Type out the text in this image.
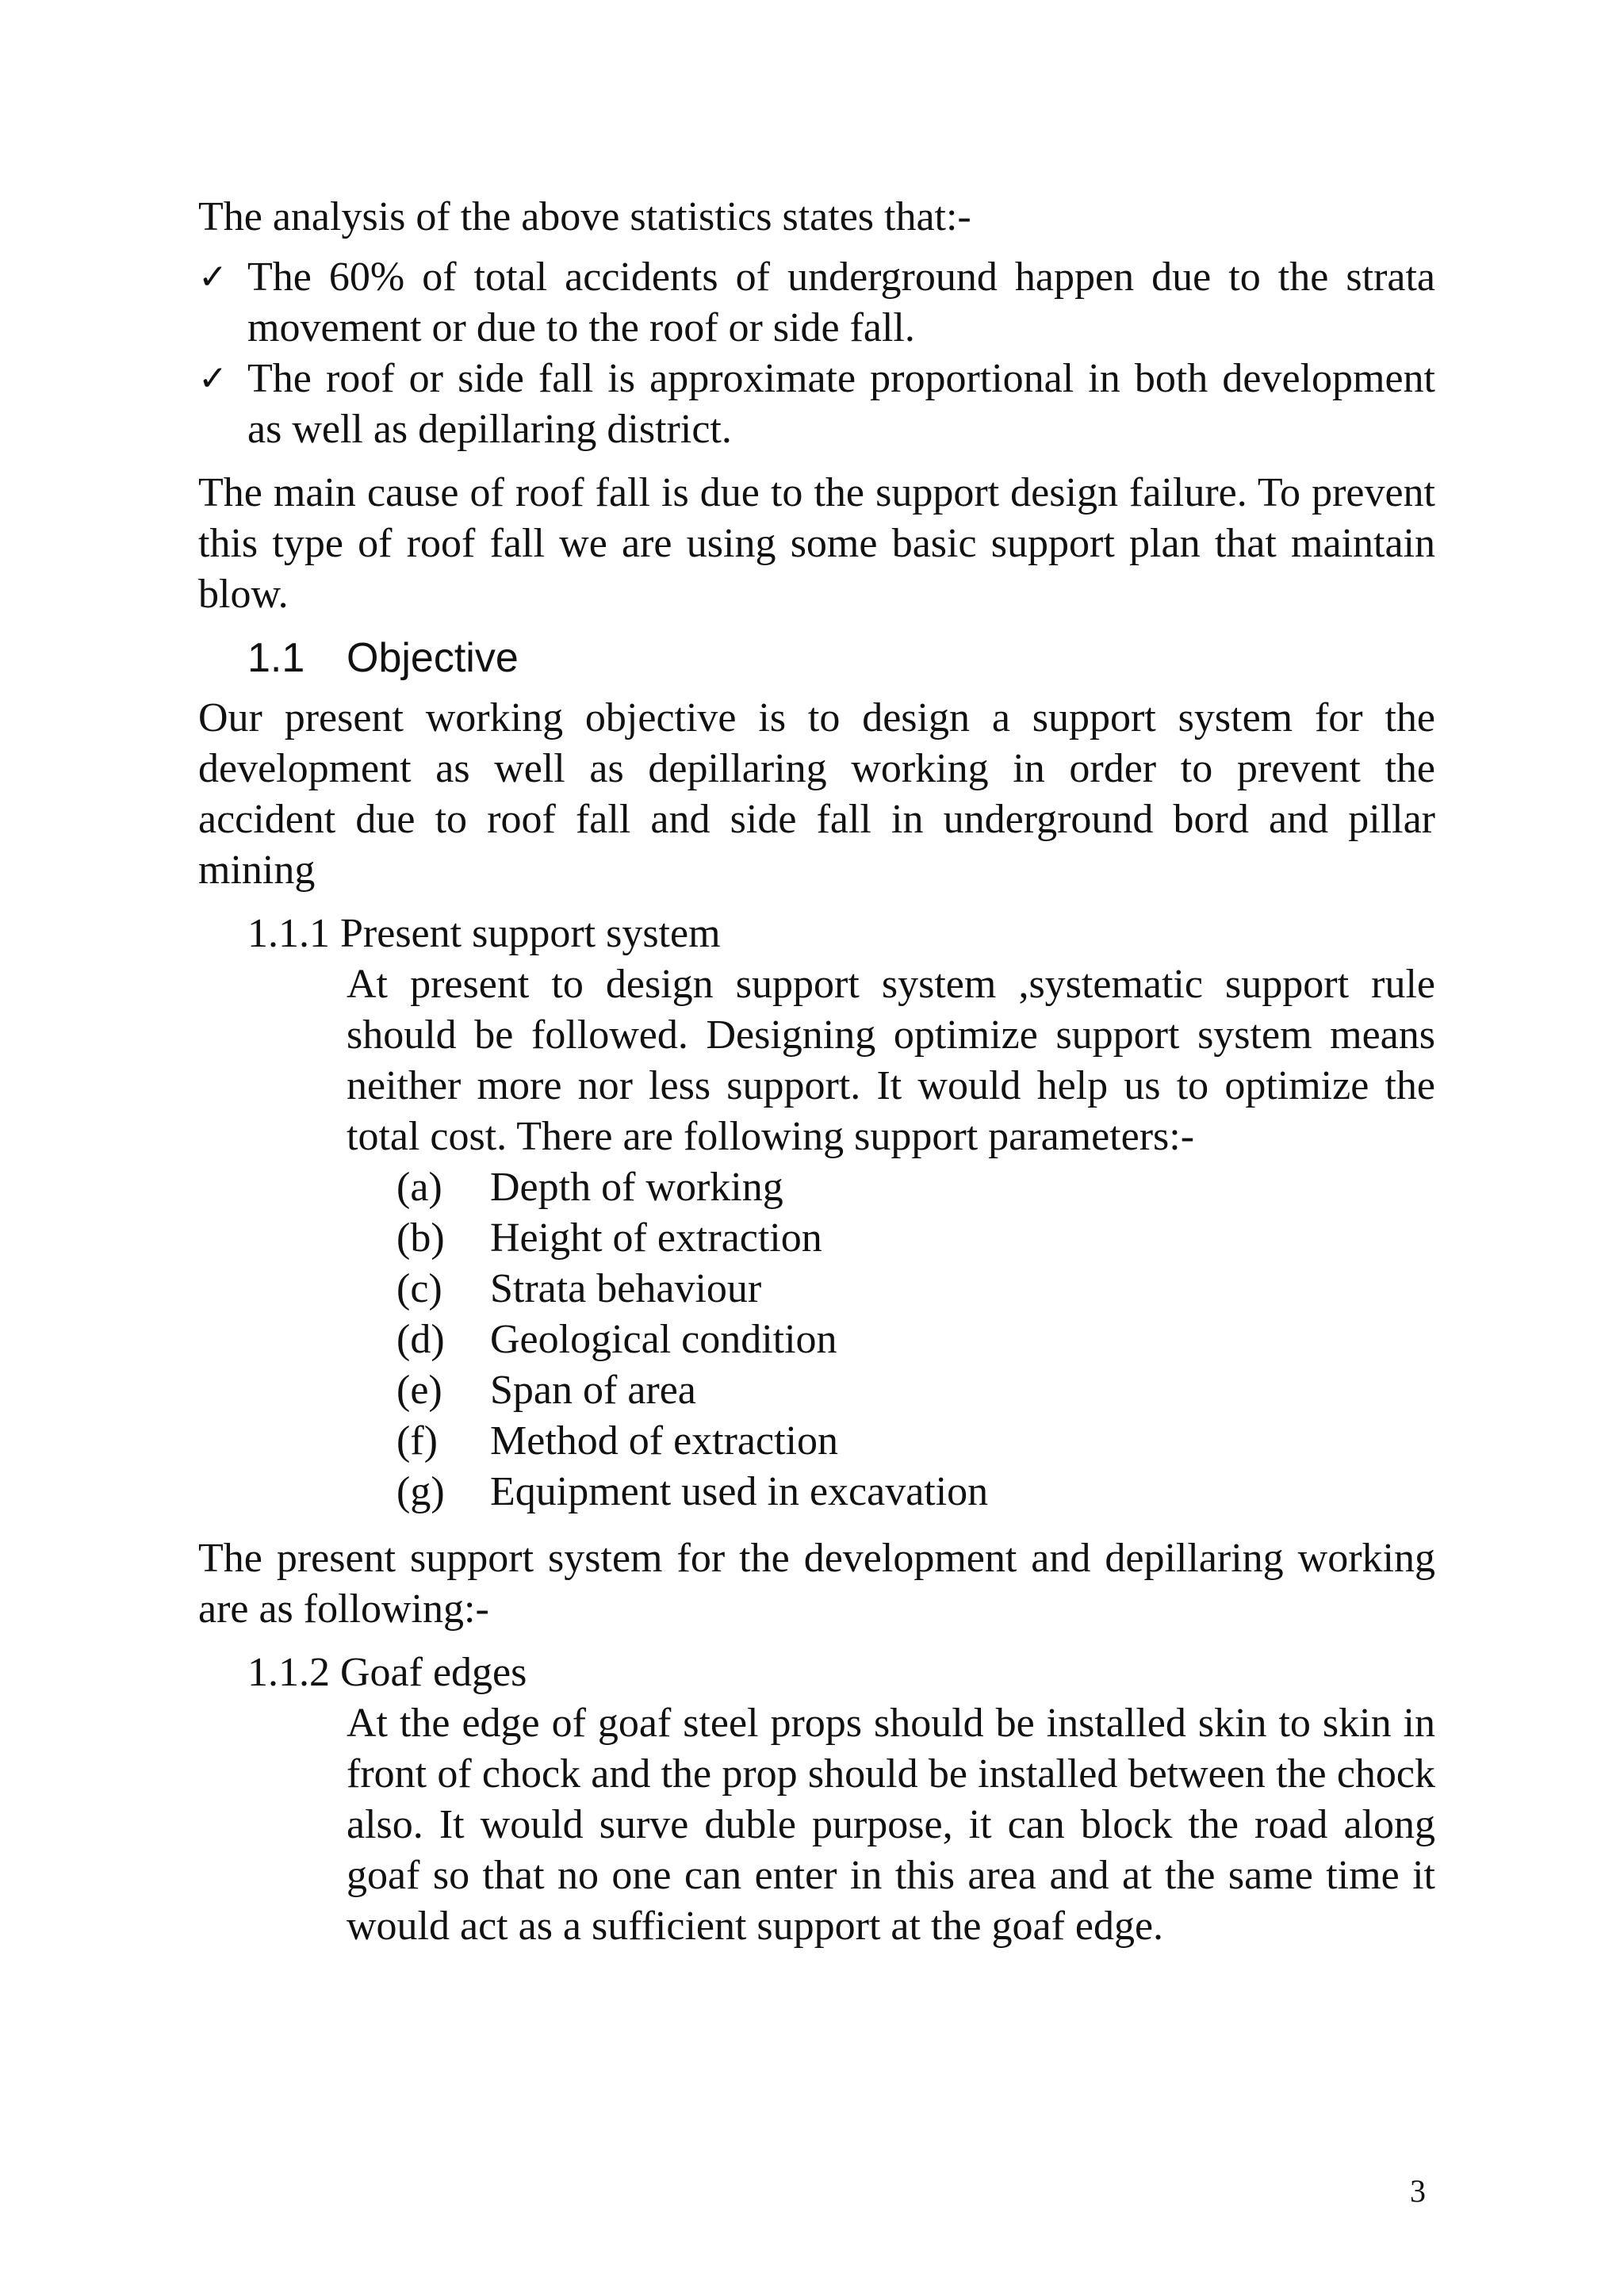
The analysis of the above statistics states that:-

✓ The 60% of total accidents of underground happen due to the strata movement or due to the roof or side fall.
✓ The roof or side fall is approximate proportional in both development as well as depillaring district.

The main cause of roof fall is due to the support design failure. To prevent this type of roof fall we are using some basic support plan that maintain blow.

1.1 Objective

Our present working objective is to design a support system for the development as well as depillaring working in order to prevent the accident due to roof fall and side fall in underground bord and pillar mining

1.1.1 Present support system

At present to design support system ,systematic support rule should be followed. Designing optimize support system means neither more nor less support. It would help us to optimize the total cost. There are following support parameters:-

(a)	Depth of working
(b)	Height of extraction
(c)	Strata behaviour
(d)	Geological condition
(e)	Span of area
(f)	Method of extraction
(g)	Equipment used in excavation

The present support system for the development and depillaring working are as following:-

1.1.2 Goaf edges

At the edge of goaf steel props should be installed skin to skin in front of chock and the prop should be installed between the chock also. It would surve duble purpose, it can block the road along goaf so that no one can enter in this area and at the same time it would act as a sufficient support at the goaf edge.

3
